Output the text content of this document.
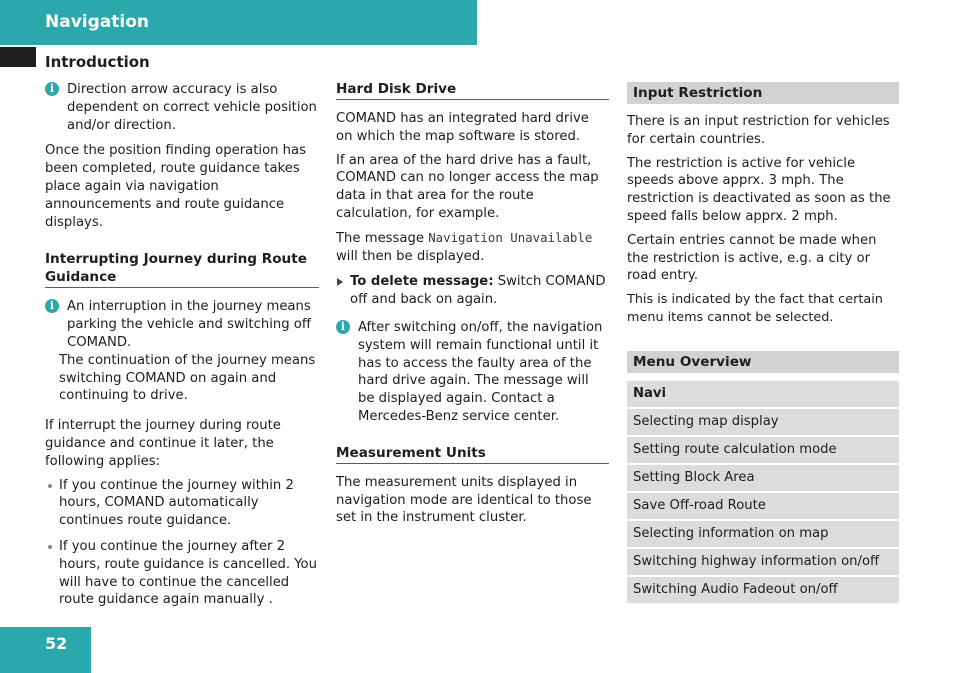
Navigation
Introduction
i Direction arrow accuracy is also dependent on correct vehicle position and/or direction.

Once the position finding operation has been completed, route guidance takes place again via navigation announcements and route guidance displays.

Interrupting Journey during Route Guidance
i An interruption in the journey means parking the vehicle and switching off COMAND.
The continuation of the journey means switching COMAND on again and continuing to drive.

If interrupt the journey during route guidance and continue it later, the following applies:

If you continue the journey within 2 hours, COMAND automatically continues route guidance.
If you continue the journey after 2 hours, route guidance is cancelled. You will have to continue the cancelled route guidance again manually .
Hard Disk Drive

COMAND has an integrated hard drive on which the map software is stored.

If an area of the hard drive has a fault, COMAND can no longer access the map data in that area for the route calculation, for example.

The message Navigation Unavailable will then be displayed.

To delete message: Switch COMAND off and back on again.
i After switching on/off, the navigation system will remain functional until it has to access the faulty area of the hard drive again. The message will be displayed again. Contact a Mercedes-Benz service center.
Measurement Units

The measurement units displayed in navigation mode are identical to those set in the instrument cluster.

Input Restriction

There is an input restriction for vehicles for certain countries.

The restriction is active for vehicle speeds above apprx. 3 mph. The restriction is deactivated as soon as the speed falls below apprx. 2 mph.

Certain entries cannot be made when the restriction is active, e.g. a city or road entry.

This is indicated by the fact that certain menu items cannot be selected.

Menu Overview
Navi
Selecting map display
Setting route calculation mode
Setting Block Area
Save Off-road Route
Selecting information on map
Switching highway information on/off
Switching Audio Fadeout on/off
52
